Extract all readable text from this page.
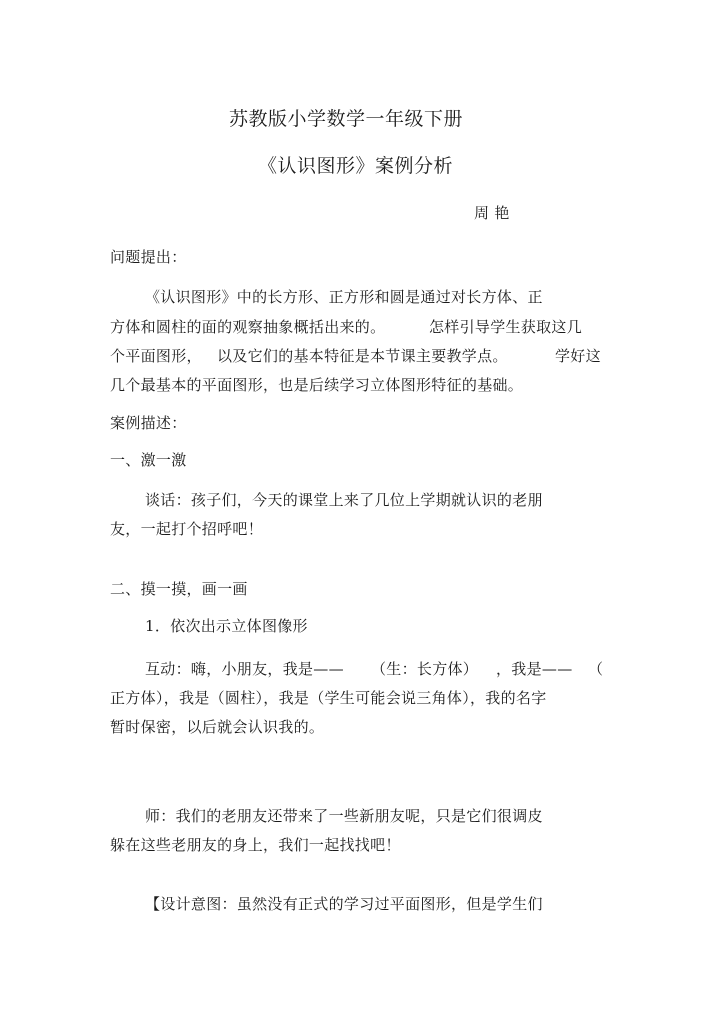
苏教版小学数学一年级下册
《认识图形》案例分析
周 艳
问题提出：
《认识图形》中的长方形、正方形和圆是通过对长方体、正
方体和圆柱的面的观察抽象概括出来的。	怎样引导学生获取这几
个平面图形， 以及它们的基本特征是本节课主要教学点。	学好这
几个最基本的平面图形，也是后续学习立体图形特征的基础。
案例描述：
一、激一激
谈话：孩子们，今天的课堂上来了几位上学期就认识的老朋
友，一起打个招呼吧！
二、摸一摸，画一画
1．依次出示立体图像形
互动：嗨，小朋友，我是—— （生：长方体） ，我是—— （
正方体），我是（圆柱），我是（学生可能会说三角体），我的名字
暂时保密，以后就会认识我的。
师：我们的老朋友还带来了一些新朋友呢，只是它们很调皮
躲在这些老朋友的身上，我们一起找找吧！
【设计意图：虽然没有正式的学习过平面图形，但是学生们
